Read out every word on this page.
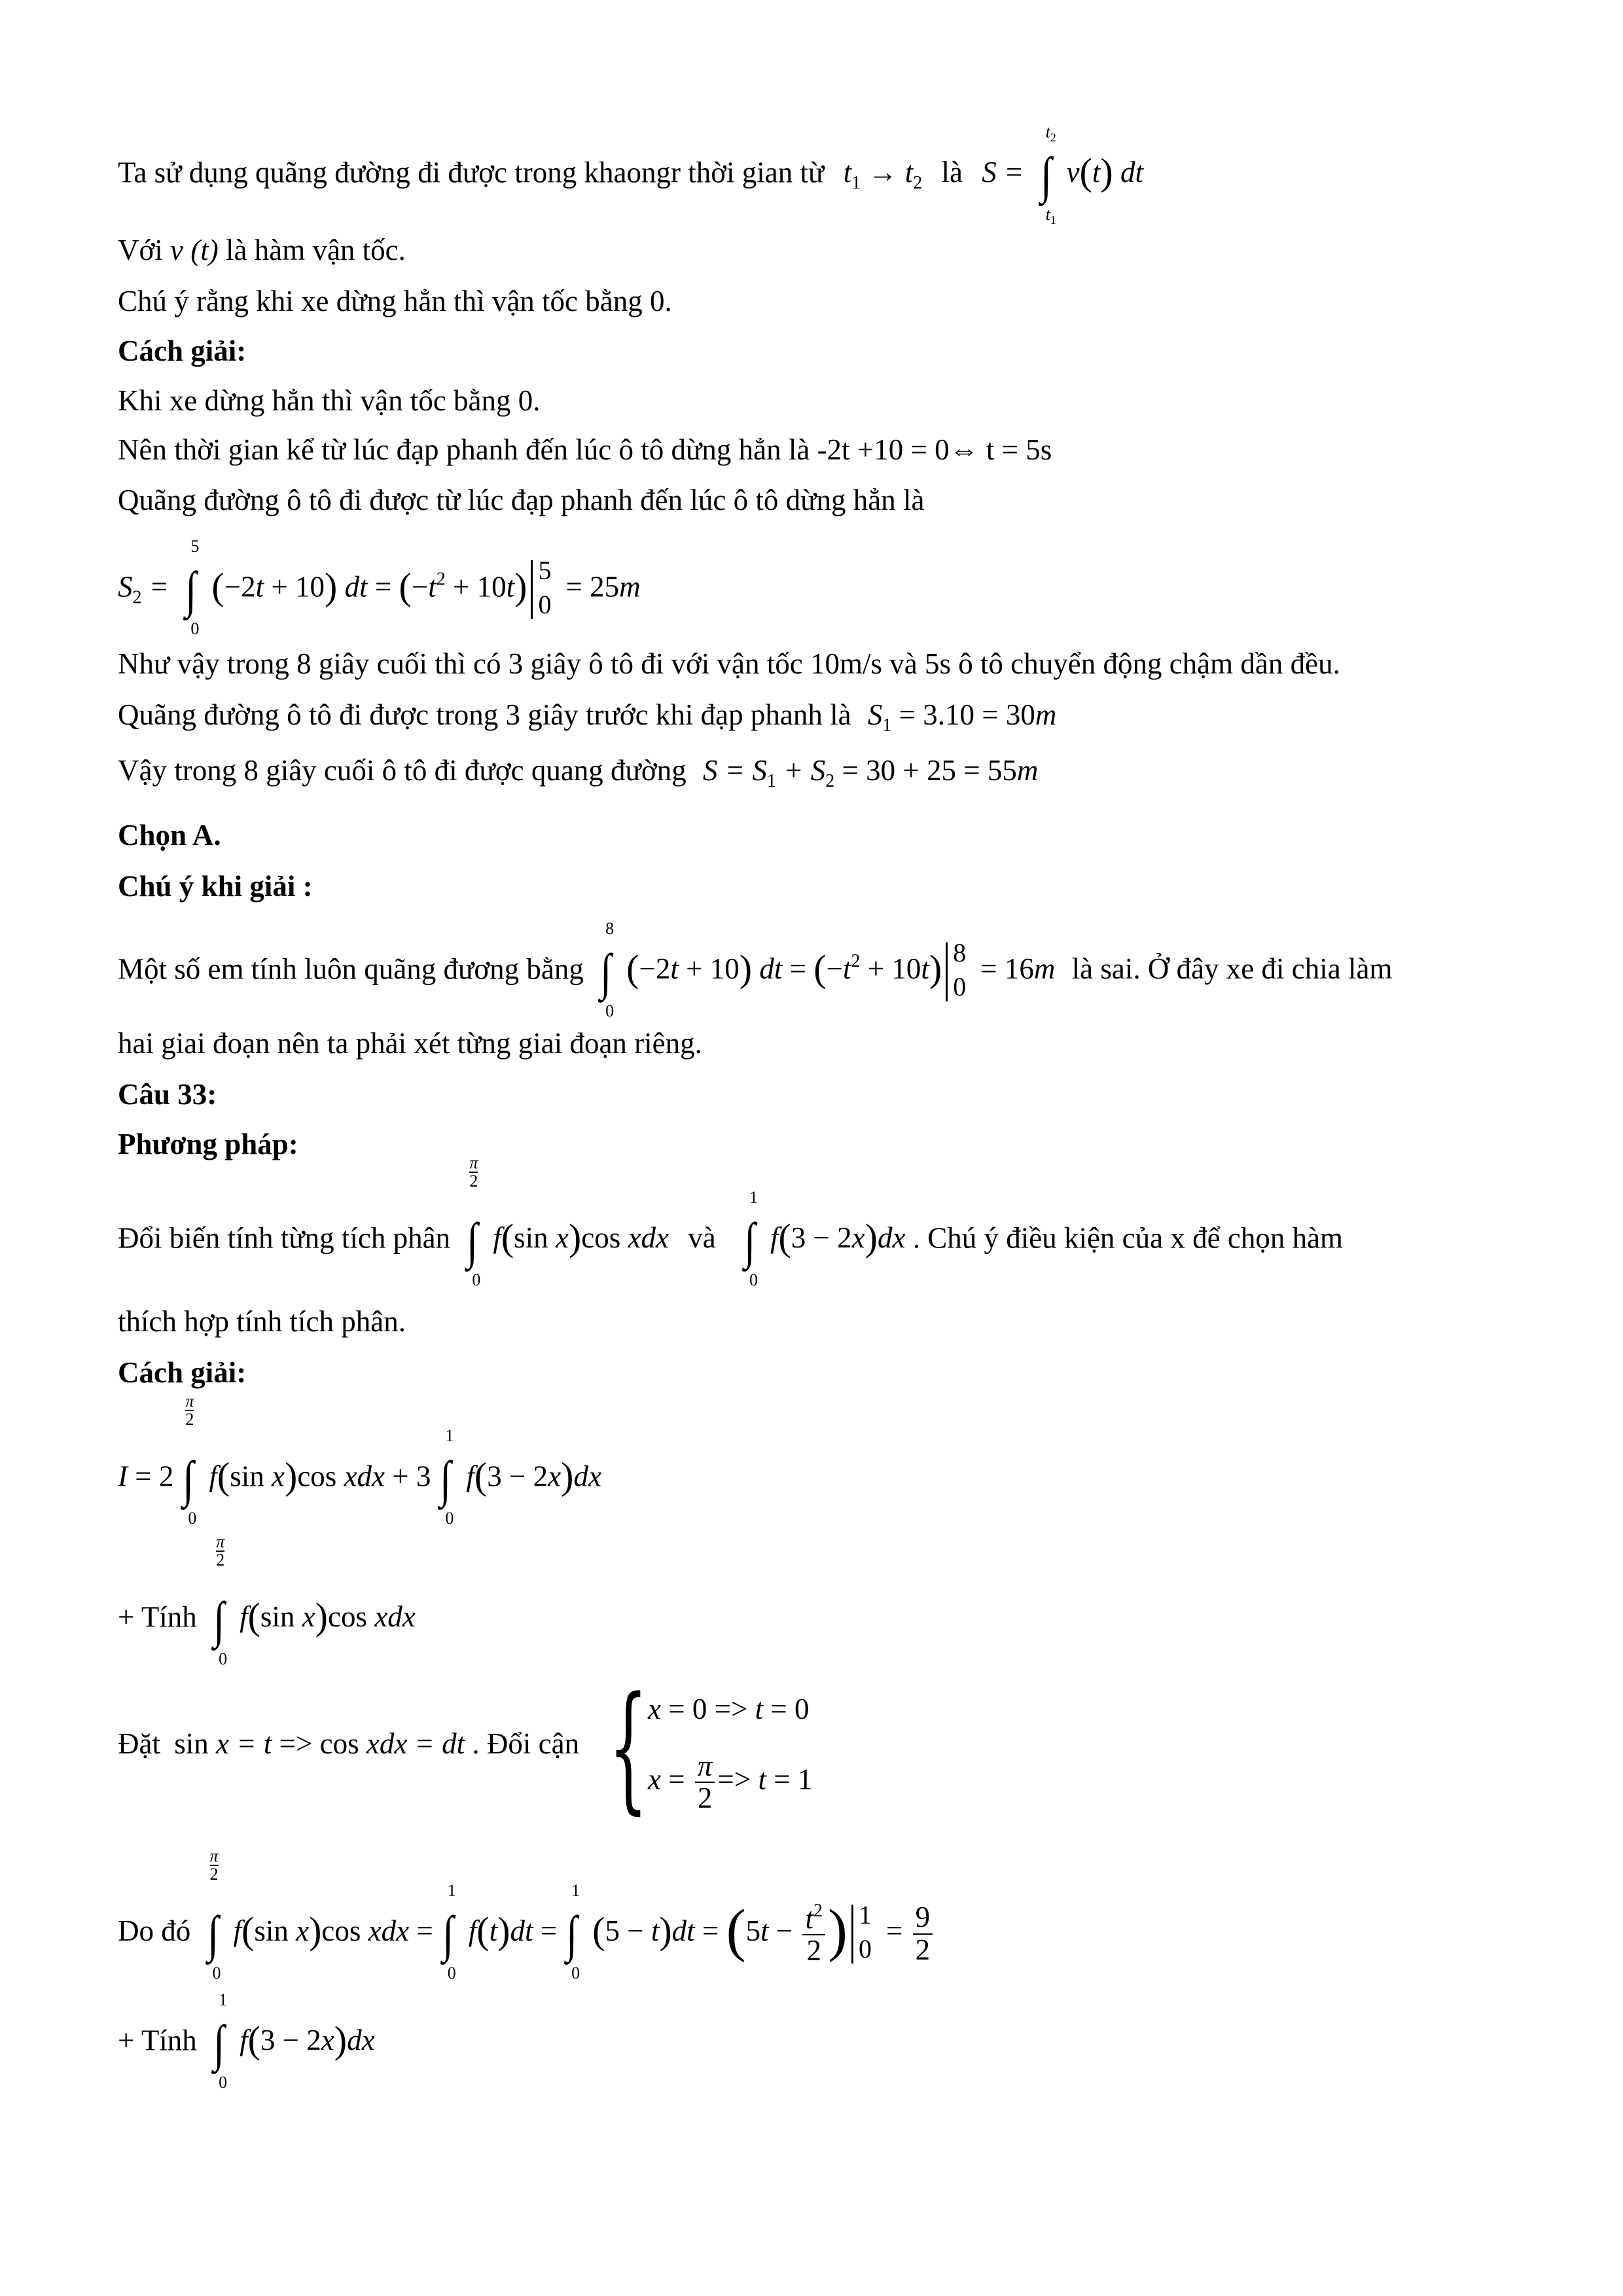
Ta sử dụng quãng đường đi được trong khaongr thời gian từ $t_1 \to t_2$ là S = ∫
$t_2$
$t_1$
v(t) dt
Với v (t) là hàm vận tốc.
Chú ý rằng khi xe dừng hẳn thì vận tốc bằng 0.
Cách giải:
Khi xe dừng hẳn thì vận tốc bằng 0.
Nên thời gian kể từ lúc đạp phanh đến lúc ô tô dừng hẳn là -2t +10 = 0⇔ t = 5s
Quãng đường ô tô đi được từ lúc đạp phanh đến lúc ô tô dừng hẳn là
$S_2$ = ∫
5
0
(−2t + 10) dt = $(-t^2 + 10t)$ 5
0
= 25m
Như vậy trong 8 giây cuối thì có 3 giây ô tô đi với vận tốc 10m/s và 5s ô tô chuyển động chậm dần đều.
Quãng đường ô tô đi được trong 3 giây trước khi đạp phanh là $S_1 = 3.10 = 30m$
Vậy trong 8 giây cuối ô tô đi được quang đường $S = S_1 + S_2 = 30 + 25 = 55m$
Chọn A.
Chú ý khi giải :
Một số em tính luôn quãng đương bằng ∫
8
0
(−2t + 10) dt = $(-t^2 + 10t)$ 8
0
= 16m là sai. Ở đây xe đi chia làm
hai giai đoạn nên ta phải xét từng giai đoạn riêng.
Câu 33:
Phương pháp:
Đổi biến tính từng tích phân ∫
π
2
0
f(sin x)cos xdx và ∫
1
0
f(3 − 2x)dx . Chú ý điều kiện của x để chọn hàm
thích hợp tính tích phân.
Cách giải:
I = 2 ∫
π
2
0
f(sin x)cos xdx + 3 ∫
1
0
f(3 − 2x)dx
+ Tính ∫
π
2
0
f(sin x)cos xdx
Đặt sin x = t => cos xdx = dt . Đổi cận { x = 0 => t = 0
$x = \frac{\pi}{2} => t = 1$
Do đó ∫
π
2
0
f(sin x)cos xdx = ∫
1
0
f(t)dt = ∫
1
0
$(5 - t)dt = (5t - \frac{t^2}{2}$ ) 1
0
= $\frac{9}{2}$
+ Tính ∫
1
0
f(3 − 2x)dx
